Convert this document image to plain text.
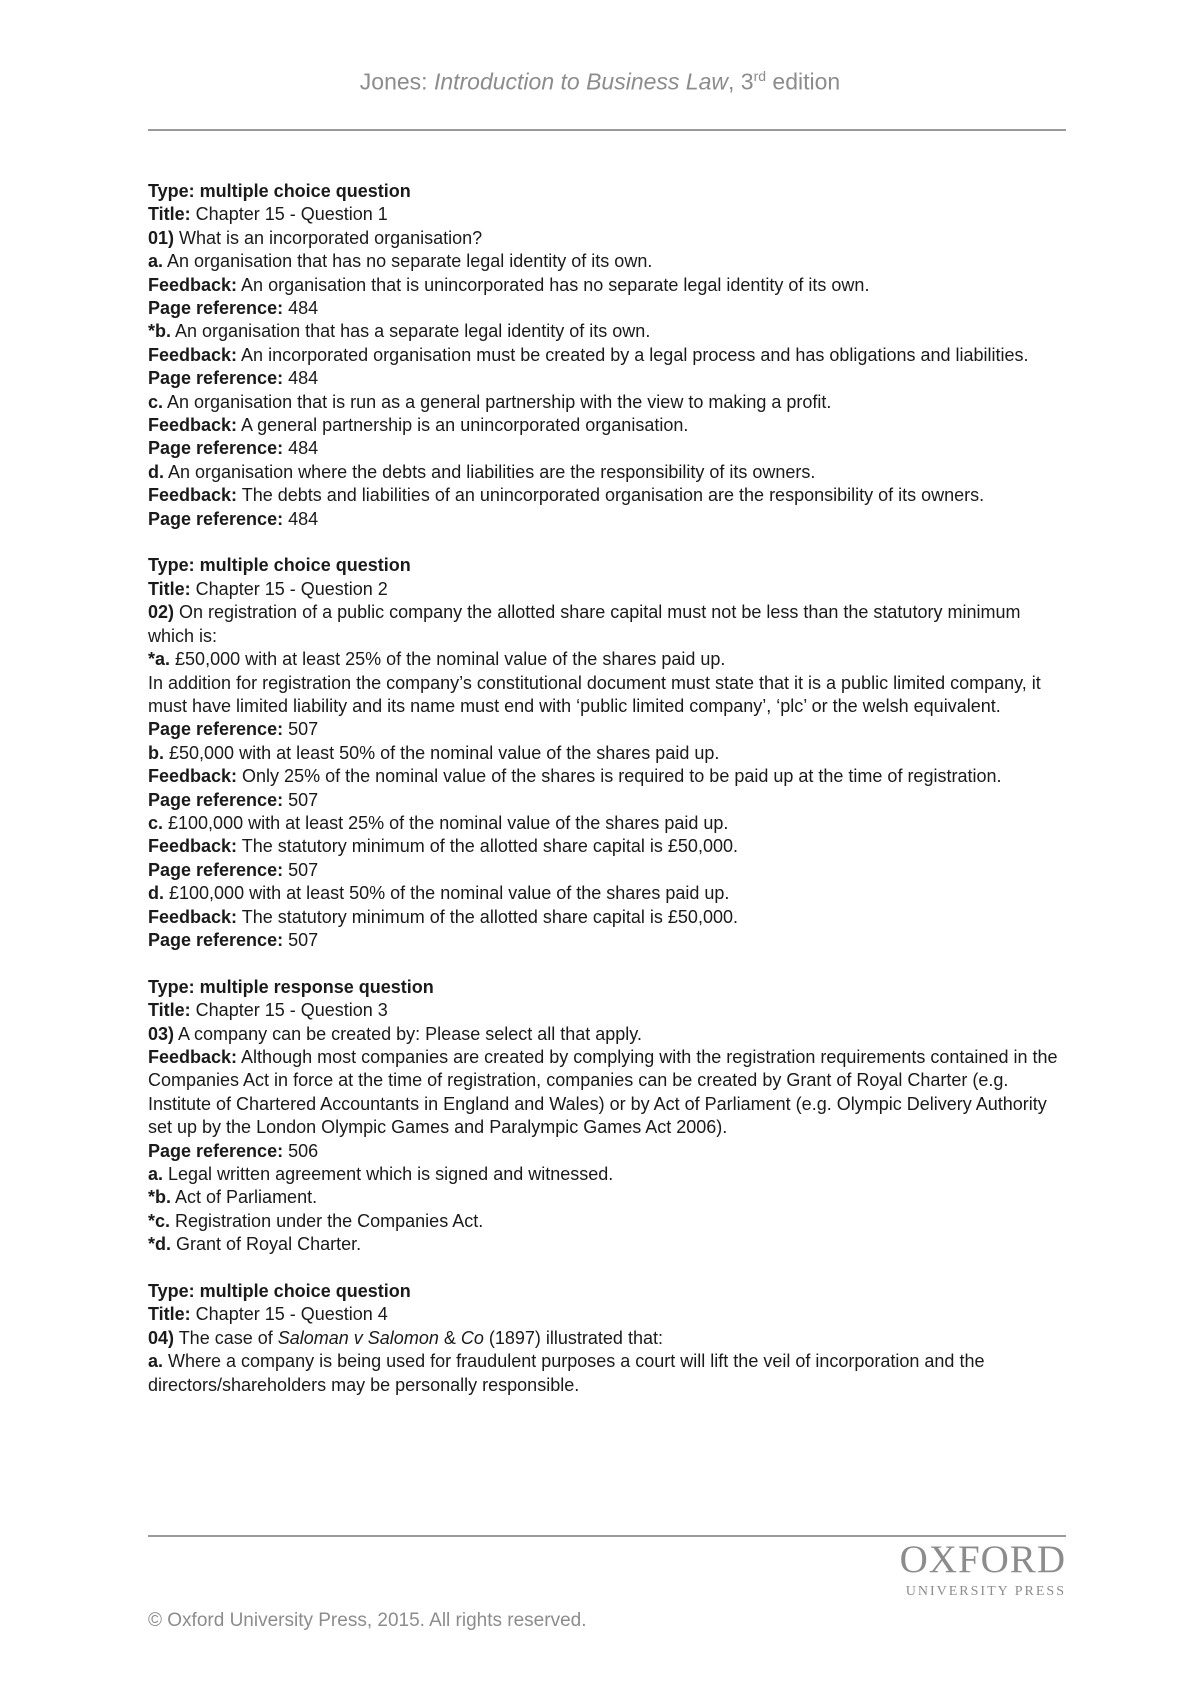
Jones: Introduction to Business Law, 3rd edition

Type: multiple choice question

Title: Chapter 15 - Question 1

01) What is an incorporated organisation?

a. An organisation that has no separate legal identity of its own.

Feedback: An organisation that is unincorporated has no separate legal identity of its own.

Page reference: 484

*b. An organisation that has a separate legal identity of its own.

Feedback: An incorporated organisation must be created by a legal process and has obligations and liabilities.

Page reference: 484

c. An organisation that is run as a general partnership with the view to making a profit.

Feedback: A general partnership is an unincorporated organisation.

Page reference: 484

d. An organisation where the debts and liabilities are the responsibility of its owners.

Feedback: The debts and liabilities of an unincorporated organisation are the responsibility of its owners.

Page reference: 484

Type: multiple choice question

Title: Chapter 15 - Question 2

02) On registration of a public company the allotted share capital must not be less than the statutory minimum which is:

*a. £50,000 with at least 25% of the nominal value of the shares paid up.

In addition for registration the company’s constitutional document must state that it is a public limited company, it must have limited liability and its name must end with ‘public limited company’, ‘plc’ or the welsh equivalent.

Page reference: 507

b. £50,000 with at least 50% of the nominal value of the shares paid up.

Feedback: Only 25% of the nominal value of the shares is required to be paid up at the time of registration.

Page reference: 507

c. £100,000 with at least 25% of the nominal value of the shares paid up.

Feedback: The statutory minimum of the allotted share capital is £50,000.

Page reference: 507

d. £100,000 with at least 50% of the nominal value of the shares paid up.

Feedback: The statutory minimum of the allotted share capital is £50,000.

Page reference: 507

Type: multiple response question

Title: Chapter 15 - Question 3

03) A company can be created by: Please select all that apply.

Feedback: Although most companies are created by complying with the registration requirements contained in the Companies Act in force at the time of registration, companies can be created by Grant of Royal Charter (e.g. Institute of Chartered Accountants in England and Wales) or by Act of Parliament (e.g. Olympic Delivery Authority set up by the London Olympic Games and Paralympic Games Act 2006).

Page reference: 506

a. Legal written agreement which is signed and witnessed.

*b. Act of Parliament.

*c. Registration under the Companies Act.

*d. Grant of Royal Charter.

Type: multiple choice question

Title: Chapter 15 - Question 4

04) The case of Saloman v Salomon & Co (1897) illustrated that:

a. Where a company is being used for fraudulent purposes a court will lift the veil of incorporation and the directors/shareholders may be personally responsible.

OXFORD
UNIVERSITY PRESS
© Oxford University Press, 2015. All rights reserved.
